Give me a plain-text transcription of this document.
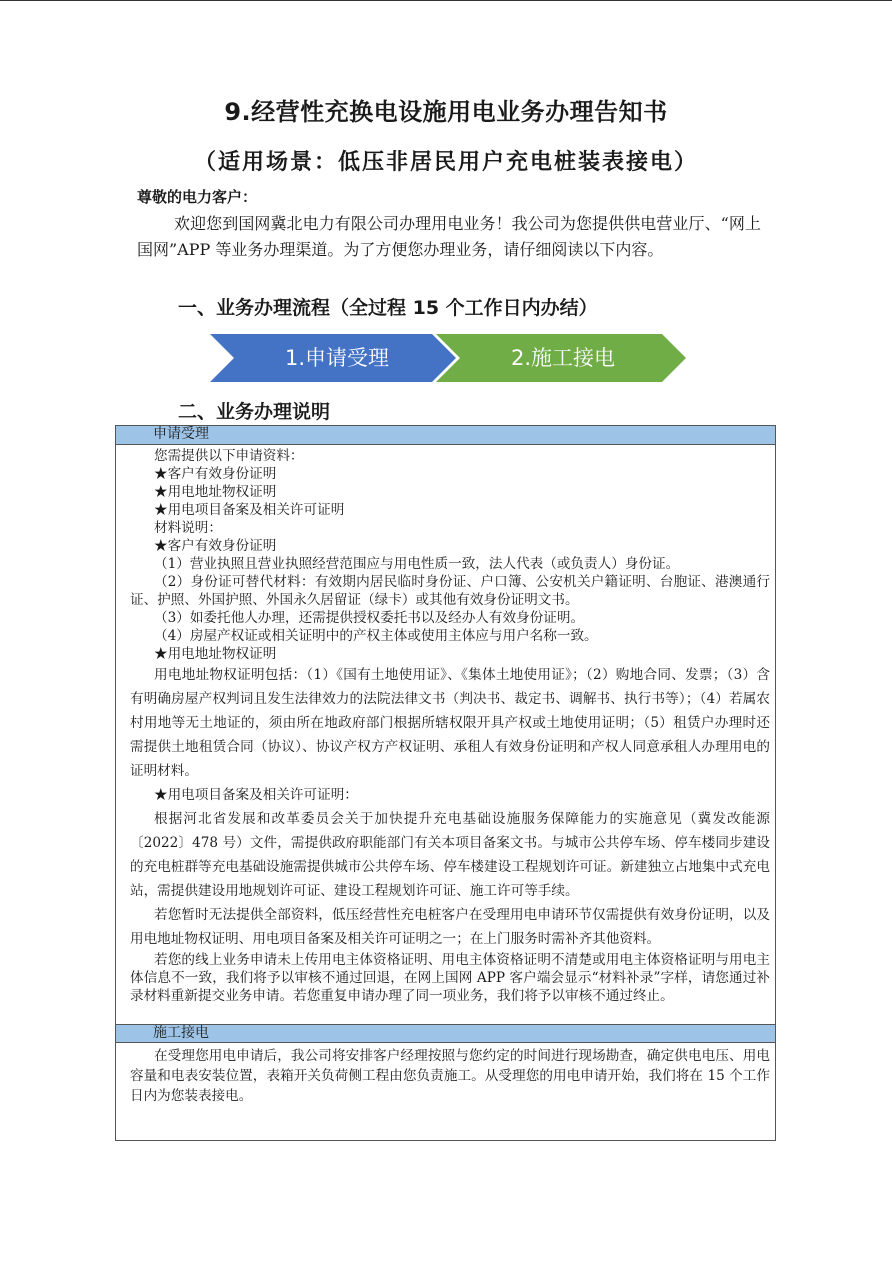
9.经营性充换电设施用电业务办理告知书
（适用场景：低压非居民用户充电桩装表接电）
尊敬的电力客户：
欢迎您到国网冀北电力有限公司办理用电业务！我公司为您提供供电营业厅、“网上国网”APP 等业务办理渠道。为了方便您办理业务，请仔细阅读以下内容。
一、业务办理流程（全过程 15 个工作日内办结）
1.申请受理	2.施工接电
二、业务办理说明
申请受理

您需提供以下申请资料：

★客户有效身份证明

★用电地址物权证明

★用电项目备案及相关许可证明

材料说明：

★客户有效身份证明

（1）营业执照且营业执照经营范围应与用电性质一致，法人代表（或负责人）身份证。

（2）身份证可替代材料：有效期内居民临时身份证、户口簿、公安机关户籍证明、台胞证、港澳通行证、护照、外国护照、外国永久居留证（绿卡）或其他有效身份证明文书。

（3）如委托他人办理，还需提供授权委托书以及经办人有效身份证明。

（4）房屋产权证或相关证明中的产权主体或使用主体应与用户名称一致。

★用电地址物权证明

用电地址物权证明包括：（1）《国有土地使用证》、《集体土地使用证》；（2）购地合同、发票；（3）含有明确房屋产权判词且发生法律效力的法院法律文书（判决书、裁定书、调解书、执行书等）；（4）若属农村用地等无土地证的，须由所在地政府部门根据所辖权限开具产权或土地使用证明；（5）租赁户办理时还需提供土地租赁合同（协议）、协议产权方产权证明、承租人有效身份证明和产权人同意承租人办理用电的证明材料。

★用电项目备案及相关许可证明：

根据河北省发展和改革委员会关于加快提升充电基础设施服务保障能力的实施意见（冀发改能源〔2022〕478 号）文件，需提供政府职能部门有关本项目备案文书。与城市公共停车场、停车楼同步建设的充电桩群等充电基础设施需提供城市公共停车场、停车楼建设工程规划许可证。新建独立占地集中式充电站，需提供建设用地规划许可证、建设工程规划许可证、施工许可等手续。

若您暂时无法提供全部资料，低压经营性充电桩客户在受理用电申请环节仅需提供有效身份证明，以及用电地址物权证明、用电项目备案及相关许可证明之一；在上门服务时需补齐其他资料。

若您的线上业务申请未上传用电主体资格证明、用电主体资格证明不清楚或用电主体资格证明与用电主体信息不一致，我们将予以审核不通过回退，在网上国网 APP 客户端会显示“材料补录”字样，请您通过补录材料重新提交业务申请。若您重复申请办理了同一项业务，我们将予以审核不通过终止。

施工接电

在受理您用电申请后，我公司将安排客户经理按照与您约定的时间进行现场勘查，确定供电电压、用电容量和电表安装位置，表箱开关负荷侧工程由您负责施工。从受理您的用电申请开始，我们将在 15 个工作日内为您装表接电。
